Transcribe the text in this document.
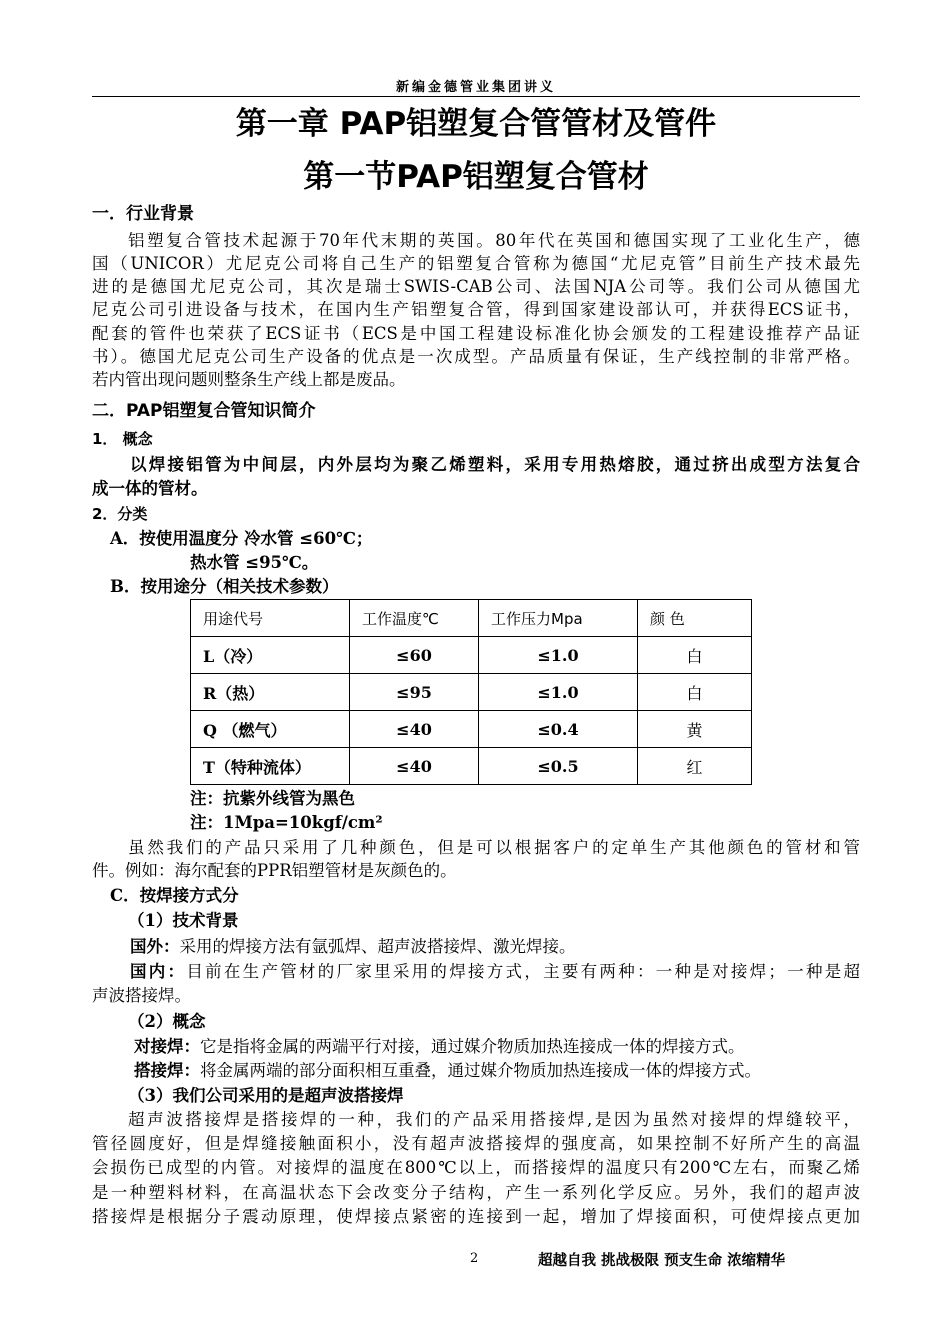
新编金德管业集团讲义
第一章 PAP铝塑复合管管材及管件
第一节PAP铝塑复合管材
一．行业背景
铝塑复合管技术起源于70年代末期的英国。80年代在英国和德国实现了工业化生产，德
国（UNICOR）尤尼克公司将自己生产的铝塑复合管称为德国“尤尼克管”目前生产技术最先
进的是德国尤尼克公司，其次是瑞士SWIS-CAB公司、法国NJA公司等。我们公司从德国尤
尼克公司引进设备与技术，在国内生产铝塑复合管，得到国家建设部认可，并获得ECS证书，
配套的管件也荣获了ECS证书（ECS是中国工程建设标准化协会颁发的工程建设推荐产品证
书）。德国尤尼克公司生产设备的优点是一次成型。产品质量有保证，生产线控制的非常严格。
若内管出现问题则整条生产线上都是废品。
二．PAP铝塑复合管知识简介
1． 概念
以焊接铝管为中间层，内外层均为聚乙烯塑料，采用专用热熔胶，通过挤出成型方法复合
成一体的管材。
2．分类
A．按使用温度分 冷水管 ≤60℃；
热水管 ≤95℃。
B．按用途分（相关技术参数）
用途代号	工作温度℃	工作压力Mpa	颜 色
L（冷）	≤60	≤1.0	白
R（热）	≤95	≤1.0	白
Q （燃气）	≤40	≤0.4	黄
T（特种流体）	≤40	≤0.5	红
注：抗紫外线管为黑色
注：1Mpa=10kgf/cm²
虽然我们的产品只采用了几种颜色，但是可以根据客户的定单生产其他颜色的管材和管
件。例如：海尔配套的PPR铝塑管材是灰颜色的。
C．按焊接方式分
（1）技术背景
国外：采用的焊接方法有氩弧焊、超声波搭接焊、激光焊接。
国内：目前在生产管材的厂家里采用的焊接方式，主要有两种：一种是对接焊；一种是超
声波搭接焊。
（2）概念
对接焊：它是指将金属的两端平行对接，通过媒介物质加热连接成一体的焊接方式。
搭接焊：将金属两端的部分面积相互重叠，通过媒介物质加热连接成一体的焊接方式。
（3）我们公司采用的是超声波搭接焊
超声波搭接焊是搭接焊的一种，我们的产品采用搭接焊,是因为虽然对接焊的焊缝较平，
管径圆度好，但是焊缝接触面积小，没有超声波搭接焊的强度高，如果控制不好所产生的高温
会损伤已成型的内管。对接焊的温度在800℃以上，而搭接焊的温度只有200℃左右，而聚乙烯
是一种塑料材料，在高温状态下会改变分子结构，产生一系列化学反应。另外，我们的超声波
搭接焊是根据分子震动原理，使焊接点紧密的连接到一起，增加了焊接面积，可使焊接点更加
2	超越自我 挑战极限 预支生命 浓缩精华
